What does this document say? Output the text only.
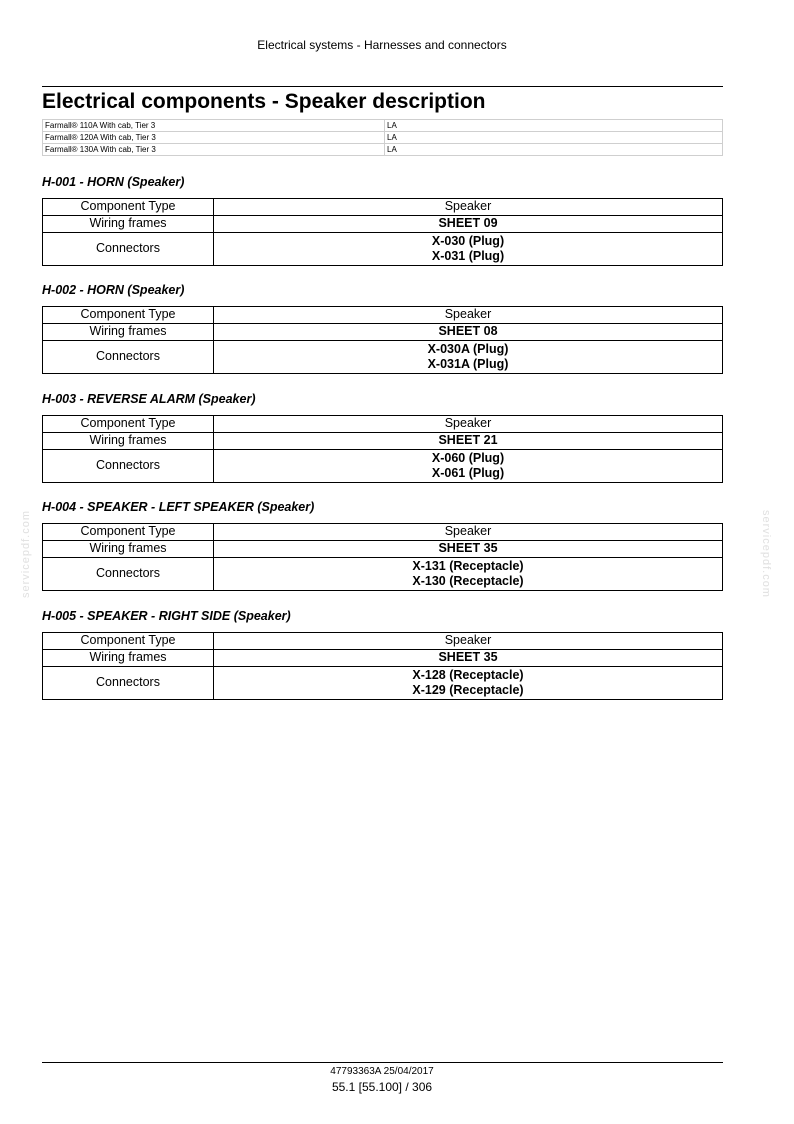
Electrical systems - Harnesses and connectors
Electrical components - Speaker description
Farmall® 110A With cab, Tier 3	LA
Farmall® 120A With cab, Tier 3	LA
Farmall® 130A With cab, Tier 3	LA
H-001 - HORN (Speaker)
Component Type	Speaker
Wiring frames	SHEET 09
Connectors	X-030 (Plug)
X-031 (Plug)
H-002 - HORN (Speaker)
Component Type	Speaker
Wiring frames	SHEET 08
Connectors	X-030A (Plug)
X-031A (Plug)
H-003 - REVERSE ALARM (Speaker)
Component Type	Speaker
Wiring frames	SHEET 21
Connectors	X-060 (Plug)
X-061 (Plug)
H-004 - SPEAKER - LEFT SPEAKER (Speaker)
Component Type	Speaker
Wiring frames	SHEET 35
Connectors	X-131 (Receptacle)
X-130 (Receptacle)
H-005 - SPEAKER - RIGHT SIDE (Speaker)
Component Type	Speaker
Wiring frames	SHEET 35
Connectors	X-128 (Receptacle)
X-129 (Receptacle)
servicepdf.com	servicepdf.com
47793363A 25/04/2017
55.1 [55.100] / 306
